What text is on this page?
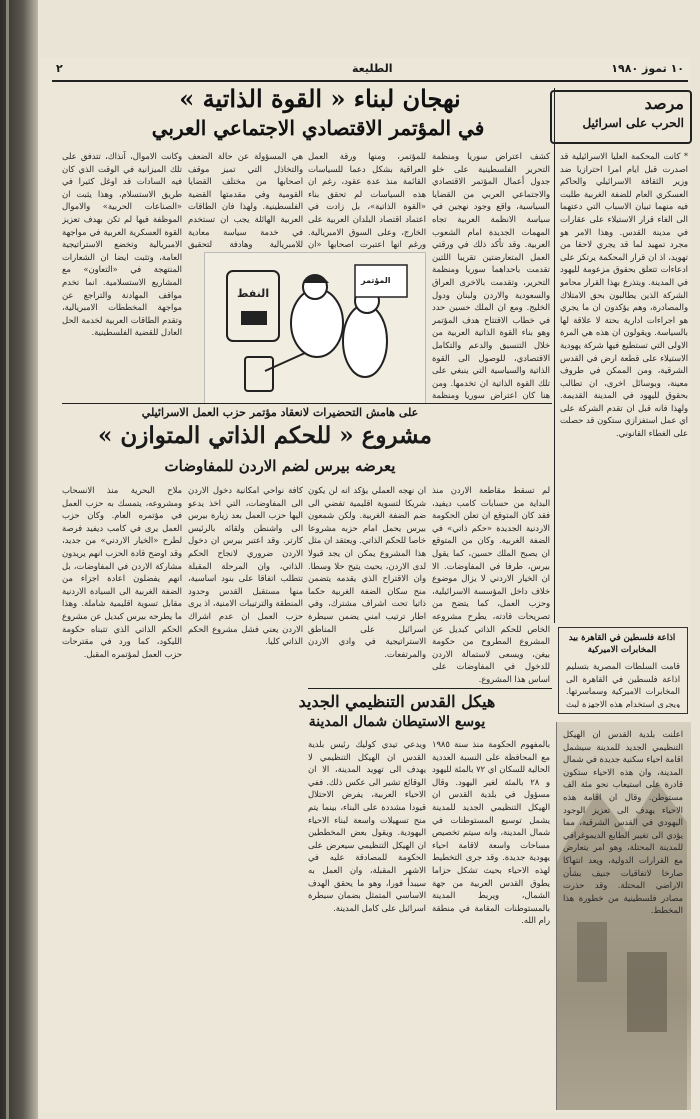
٢	الطليعة	١٠ تموز ١٩٨٠
نهجان لبناء « القوة الذاتية »
في المؤتمر الاقتصادي الاجتماعي العربي
مرصد
الحرب على اسرائيل

* كانت المحكمة العليا الاسرائيلية قد اصدرت قبل ايام امرا احترازيا ضد وزير الثقافة الاسرائيلي والحاكم العسكري العام للضفة الغربية طلبت فيه منهما تبيان الاسباب التي دعتهما الى الغاء قرار الاستيلاء على عقارات في مدينة القدس. وهذا الامر هو مجرد تمهيد لما قد يجري لاحقا من تهويد، اذ ان قرار المحكمة يرتكز على ادعاءات تتعلق بحقوق مزعومة لليهود في المدينة. ويتذرع بهذا القرار محامو الشركة الذين يطالبون بحق الامتلاك والمصادرة، وهم يؤكدون ان ما يجري هو اجراءات ادارية بحتة لا علاقة لها بالسياسة. ويقولون ان هذه هي المرة الاولى التي تستطيع فيها شركة يهودية الاستيلاء على قطعة ارض في القدس الشرقية، ومن الممكن في طروف معينة، وبوسائل اخرى، ان تطالب بحقوق لليهود في المدينة القديمة. ولهذا فانه قبل ان تقدم الشركة على اي عمل استفزازي ستكون قد حصلت على الغطاء القانوني.

كشف اعتراض سوريا ومنظمة التحرير الفلسطينية على خلو جدول أعمال المؤتمر الاقتصادي والاجتماعي العربي من القضايا السياسية، واقع وجود نهجين في سياسة الانظمة العربية تجاه المهمات الجديدة امام الشعوب العربية. وقد تأكد ذلك في ورقتي العمل المتعارضتين تقريبا اللتين تقدمت باحداهما سوريا ومنظمة التحرير، وتقدمت بالاخرى العراق والسعودية والاردن ولبنان ودول الخليج. ومع ان الملك حسين حدد في خطاب الافتتاح هدف المؤتمر وهو بناء القوة الذاتية العربية من خلال التنسيق والدعم والتكامل الاقتصادي، للوصول الى القوة الذاتية والسياسية التي ينبغي على تلك القوة الذاتية ان تخدمها. ومن هنا كان اعتراض سوريا ومنظمة

للمؤتمر، ومنها ورقة العمل العراقية بشكل دعما للسياسات القائمة منذ عدة عقود، رغم ان هذه السياسات لم تحقق بناء «القوة الذاتية»، بل زادت في اعتماد اقتصاد البلدان العربية على الخارج، وعلى السوق الامبريالية. ورغم انها اعتبرت اصحابها «ان

هي المسؤولة عن حالة الضعف والتخاذل التي تميز موقف اصحابها من مختلف القضايا القومية وفي مقدمتها القضية الفلسطينية. ولهذا فان الطاقات العربية الهائلة يجب ان تستخدم في خدمة سياسة معادية للامبريالية وهادفة لتحقيق

وكانت الاموال، آنذاك، تتدفق على تلك الميزانية في الوقت الذي كان فيه السادات قد اوغل كثيرا في طريق الاستسلام، وهذا يثبت ان «الصناعات الحربية» والاموال الموظفة فيها لم تكن بهدف تعزيز القوة العسكرية العربية في مواجهة الامبريالية وتخضع الاستراتيجية العامة، وتثبت ايضا ان الشعارات المنتهجة في «التعاون» مع المشاريع الاستسلامية. انما تخدم مواقف المهادنة والتراجع عن مواجهة المخططات الامبريالية، وتقدم الطاقات العربية لخدمة الحل العادل للقضية الفلسطينية.

النفط
المؤتمر

على هامش التحضيرات لانعقاد مؤتمر حزب العمل الاسرائيلي
مشروع « للحكم الذاتي المتوازن »
يعرضه بيرس لضم الاردن للمفاوضات

لم تسقط مقاطعة الاردن منذ البداية من حسابات كامب ديفيد، فقد كان المتوقع ان تعلن الحكومة الاردنية الجديدة «حكم ذاتي» في الضفة الغربية. وكان من المتوقع ان يصبح الملك حسين، كما يقول بيرس، طرفا في المفاوضات. الا ان الخيار الاردني لا يزال موضوع خلاف داخل المؤسسة الاسرائيلية، وحزب العمل، كما يتضح من تصريحات قادته، يطرح مشروعه الخاص للحكم الذاتي كبديل عن المشروع المطروح من حكومة بيغن، ويسعى لاستمالة الاردن للدخول في المفاوضات على اساس هذا المشروع.

ان نهجه العملي يؤكد انه لن يكون شريكا لتسوية اقليمية تفضي الى ضم الضفة الغربية. ولكن شمعون بيرس يحمل امام حزبه مشروعا خاصا للحكم الذاتي. ويعتقد ان مثل هذا المشروع يمكن ان يجد قبولا لدى الاردن، بحيث يتيح حلا وسطا. وان الاقتراح الذي يقدمه يتضمن منح سكان الضفة الغربية حكما ذاتيا تحت اشراف مشترك، وفي اطار ترتيب امني يضمن سيطرة اسرائيل على المناطق الاستراتيجية في وادي الاردن والمرتفعات.

كافة نواحي امكانية دخول الاردن الى المفاوضات، التي اخذ يدعو اليها حزب العمل بعد زيارة بيرس الى واشنطن ولقائه بالرئيس كارتر. وقد اعتبر بيرس ان دخول الاردن ضروري لانجاح الحكم الذاتي، وان المرحلة المقبلة تتطلب اتفاقا على بنود اساسية، منها مستقبل القدس وحدود المنطقة والترتيبات الامنية، اذ يرى حزب العمل ان عدم اشراك الاردن يعني فشل مشروع الحكم الذاتي كليا.

ملاح البحرية منذ الانسحاب ومشروعه، يتمسك به حزب العمل في مؤتمره العام. وكان حزب العمل يرى في كامب ديفيد فرصة لطرح «الخيار الاردني» من جديد، وقد اوضح قادة الحزب انهم يريدون مشاركة الاردن في المفاوضات، بل انهم يفضلون اعادة اجزاء من الضفة الغربية الى السيادة الاردنية مقابل تسوية اقليمية شاملة. وهذا ما يطرحه بيرس كبديل عن مشروع الحكم الذاتي الذي تتبناه حكومة الليكود، كما ورد في مقترحات حزب العمل لمؤتمره المقبل.

اذاعة فلسطين في القاهرة بيد المخابرات الاميركية

قامت السلطات المصرية بتسليم اذاعة فلسطين في القاهرة الى المخابرات الاميركية وسماسرتها. ويجري استخدام هذه الاجهزة لبث

هيكل القدس التنظيمي الجديد
يوسع الاستيطان شمال المدينة

بالمفهوم الحكومة منذ سنة ١٩٨٥ مع المحافظة على النسبة العددية الحالية للسكان اي ٧٢ بالمئة لليهود و ٢٨ بالمئة لغير اليهود. وقال مسؤول في بلدية القدس ان الهيكل التنظيمي الجديد للمدينة يشمل توسيع المستوطنات في شمال المدينة، وانه سيتم تخصيص مساحات واسعة لاقامة احياء يهودية جديدة. وقد جرى التخطيط لهذه الاحياء بحيث تشكل حزاما يطوق القدس العربية من جهة الشمال، ويربط المدينة بالمستوطنات المقامة في منطقة رام الله.

ويدعي تيدي كوليك رئيس بلدية القدس ان الهيكل التنظيمي لا يهدف الى تهويد المدينة، الا ان الوقائع تشير الى عكس ذلك. ففي الاحياء العربية، يفرض الاحتلال قيودا مشددة على البناء، بينما يتم منح تسهيلات واسعة لبناء الاحياء اليهودية. ويقول بعض المخططين ان الهيكل التنظيمي سيعرض على الحكومة للمصادقة عليه في الاشهر المقبلة، وان العمل به سيبدأ فورا، وهو ما يحقق الهدف الاساسي المتمثل بضمان سيطرة اسرائيل على كامل المدينة.

اعلنت بلدية القدس ان الهيكل التنظيمي الجديد للمدينة سيشمل اقامة احياء سكنية جديدة في شمال المدينة، وان هذه الاحياء ستكون قادرة على استيعاب نحو مئة الف مستوطن. وقال ان اقامة هذه الاحياء يهدف الى تعزيز الوجود اليهودي في القدس الشرقية، مما يؤدي الى تغيير الطابع الديموغرافي للمدينة المحتلة، وهو امر يتعارض مع القرارات الدولية، ويعد انتهاكا صارخا لاتفاقيات جنيف بشأن الاراضي المحتلة. وقد حذرت مصادر فلسطينية من خطورة هذا المخطط.
